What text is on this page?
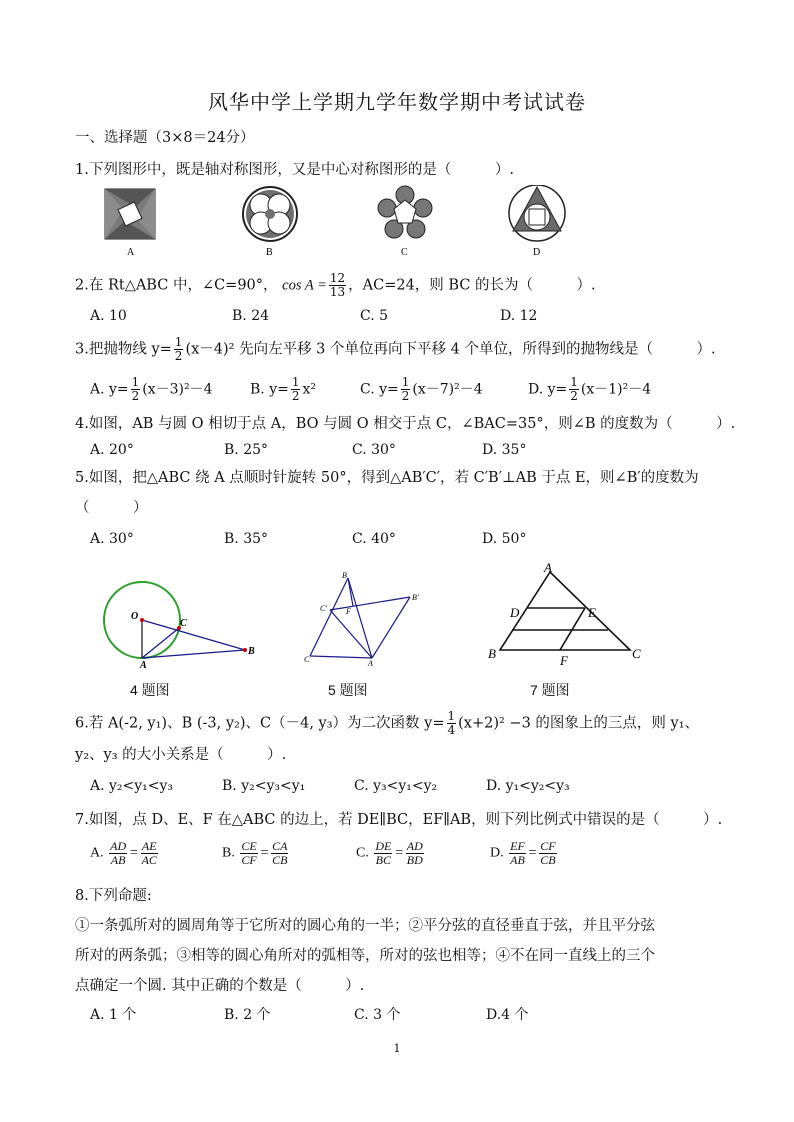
风华中学上学期九学年数学期中考试试卷
一、选择题（3×8＝24分）
1.下列图形中，既是轴对称图形，又是中心对称图形的是（　　　）.
A	B	C	D
2.在 Rt△ABC 中，∠C=90°， $\cos A = \frac{12}{13}$ ，AC=24，则 BC 的长为（　　　）.
A. 10	B. 24	C. 5	D. 12
3.把抛物线 $y= \frac{1}{2} (x-4)^2$ 先向左平移 3 个单位再向下平移 4 个单位，所得到的抛物线是（　　　）.
A. $y= \frac{1}{2} (x-3)^2-4$	B. $y= \frac{1}{2} x^2$	C. $y= \frac{1}{2} (x-7)^2-4$	D. $y= \frac{1}{2} (x-1)^2-4$
4.如图，AB 与圆 O 相切于点 A，BO 与圆 O 相交于点 C，∠BAC=35°，则∠B 的度数为（　　　）.
A. 20°	B. 25°	C. 30°	D. 35°
5.如图，把△ABC 绕 A 点顺时针旋转 50°，得到△AB′C′，若 C′B′⊥AB 于点 E，则∠B′的度数为
（　　　）
A. 30°	B. 35°	C. 40°	D. 50°
O
C
A
B
B
C' F
B'
C	A
A
D	E
B	F	C
4 题图	5 题图	7 题图
6.若 A(-2, y₁)、B (-3, y₂)、C（－4, y₃）为二次函数 $y= \frac{1}{4} (x+2)^2 -3$ 的图象上的三点，则 y₁、
y₂、y₃ 的大小关系是（　　　）.
A. y₂<y₁<y₃	B. y₂<y₃<y₁	C. y₃<y₁<y₂	D. y₁<y₂<y₃
7.如图，点 D、E、F 在△ABC 的边上，若 DE∥BC，EF∥AB，则下列比例式中错误的是（　　　）.
A. $\frac{AD}{AB} = \frac{AE}{AC}$	B. $\frac{CE}{CF} = \frac{CA}{CB}$	C. $\frac{DE}{BC} = \frac{AD}{BD}$	D. $\frac{EF}{AB} = \frac{CF}{CB}$
8.下列命题:
①一条弧所对的圆周角等于它所对的圆心角的一半；②平分弦的直径垂直于弦，并且平分弦
所对的两条弧；③相等的圆心角所对的弧相等，所对的弦也相等；④不在同一直线上的三个
点确定一个圆. 其中正确的个数是（　　　）.
A. 1 个	B. 2 个	C. 3 个	D.4 个
1
